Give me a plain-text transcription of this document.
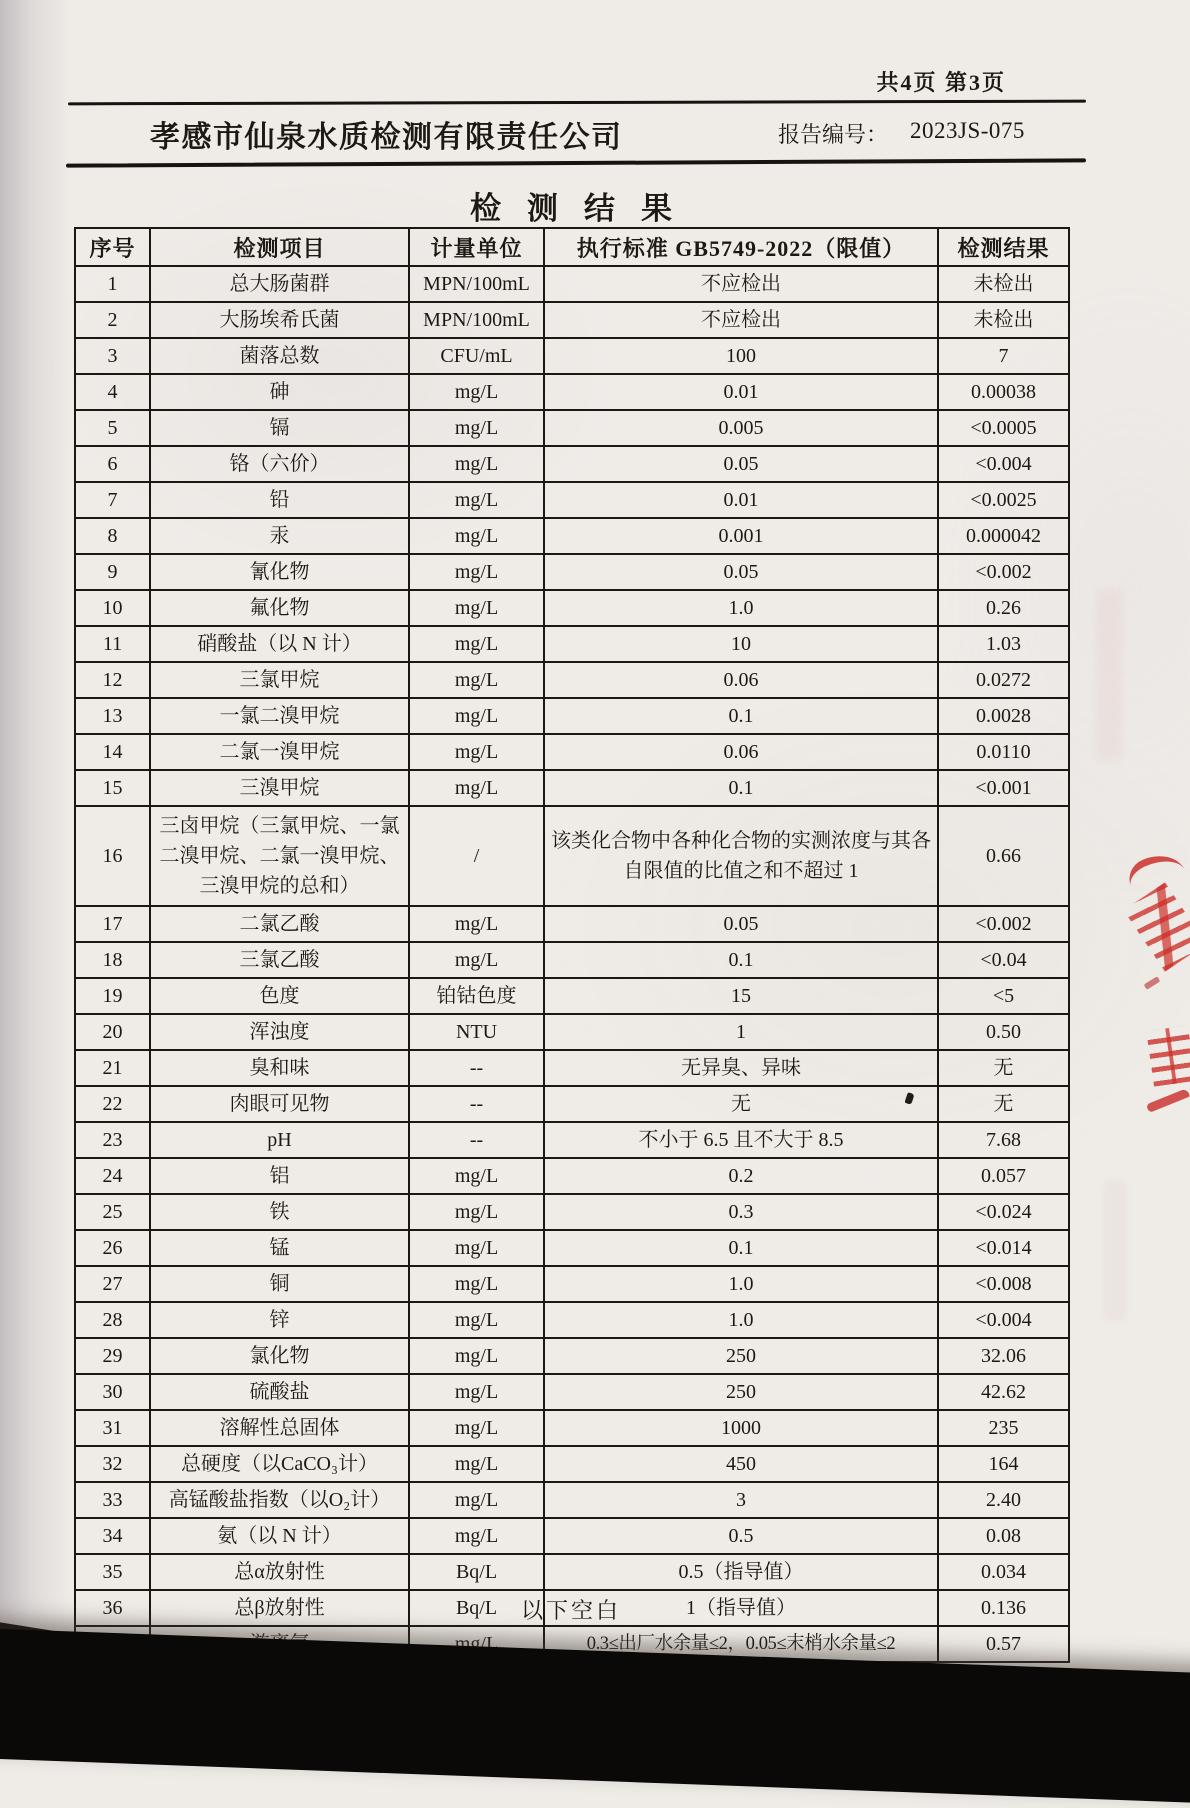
共4页 第3页
孝感市仙泉水质检测有限责任公司	报告编号： 2023JS-075
检测结果
序号	检测项目	计量单位	执行标准 GB5749-2022（限值）	检测结果
1	总大肠菌群	MPN/100mL	不应检出	未检出
2	大肠埃希氏菌	MPN/100mL	不应检出	未检出
3	菌落总数	CFU/mL	100	7
4	砷	mg/L	0.01	0.00038
5	镉	mg/L	0.005	<0.0005
6	铬（六价）	mg/L	0.05	<0.004
7	铅	mg/L	0.01	<0.0025
8	汞	mg/L	0.001	0.000042
9	氰化物	mg/L	0.05	<0.002
10	氟化物	mg/L	1.0	0.26
11	硝酸盐（以 N 计）	mg/L	10	1.03
12	三氯甲烷	mg/L	0.06	0.0272
13	一氯二溴甲烷	mg/L	0.1	0.0028
14	二氯一溴甲烷	mg/L	0.06	0.0110
15	三溴甲烷	mg/L	0.1	<0.001
16	三卤甲烷（三氯甲烷、一氯二溴甲烷、二氯一溴甲烷、三溴甲烷的总和）	/	该类化合物中各种化合物的实测浓度与其各自限值的比值之和不超过 1	0.66
17	二氯乙酸	mg/L	0.05	<0.002
18	三氯乙酸	mg/L	0.1	<0.04
19	色度	铂钴色度	15	<5
20	浑浊度	NTU	1	0.50
21	臭和味	--	无异臭、异味	无
22	肉眼可见物	--	无	无
23	pH	--	不小于 6.5 且不大于 8.5	7.68
24	铝	mg/L	0.2	0.057
25	铁	mg/L	0.3	<0.024
26	锰	mg/L	0.1	<0.014
27	铜	mg/L	1.0	<0.008
28	锌	mg/L	1.0	<0.004
29	氯化物	mg/L	250	32.06
30	硫酸盐	mg/L	250	42.62
31	溶解性总固体	mg/L	1000	235
32	总硬度（以CaCO₃计）	mg/L	450	164
33	高锰酸盐指数（以O₂计）	mg/L	3	2.40
34	氨（以 N 计）	mg/L	0.5	0.08
35	总α放射性	Bq/L	0.5（指导值）	0.034
36	总β放射性	Bq/L	1（指导值）	0.136
		mg/L	0.3≤出厂水余量≤2，0.05≤末梢水余量≤2	0.57
以下空白
